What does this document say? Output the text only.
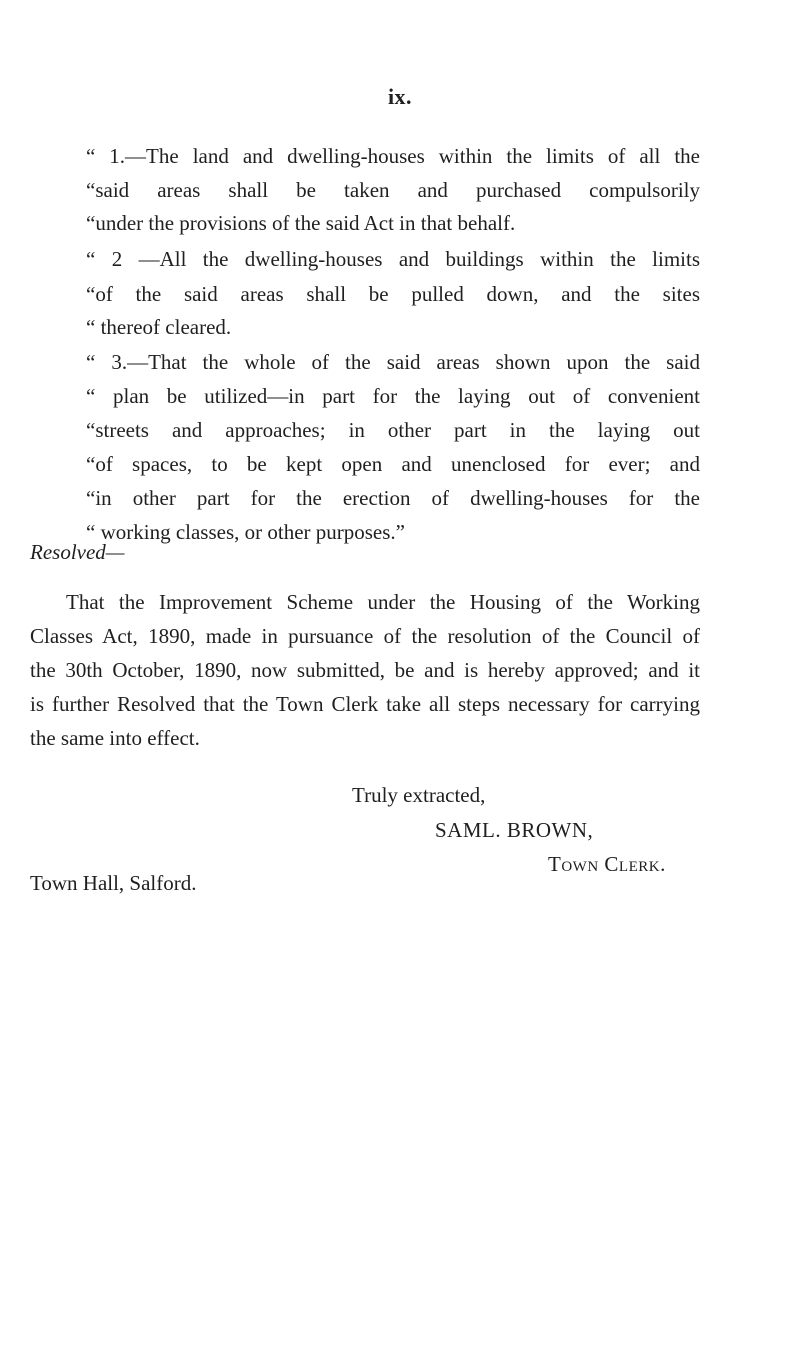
ix.

“ 1.—The land and dwelling-houses within the limits of all the

“said areas shall be taken and purchased compulsorily

“under the provisions of the said Act in that behalf.

“ 2 —All the dwelling-houses and buildings within the limits

“of the said areas shall be pulled down, and the sites

“ thereof cleared.

“ 3.—That the whole of the said areas shown upon the said

“ plan be utilized—in part for the laying out of convenient

“streets and approaches; in other part in the laying out

“of spaces, to be kept open and unenclosed for ever; and

“in other part for the erection of dwelling-houses for the

“ working classes, or other purposes.”

Resolved—

That the Improvement Scheme under the Housing of the Working

Classes Act, 1890, made in pursuance of the resolution of the Council of

the 30th October, 1890, now submitted, be and is hereby approved; and it

is further Resolved that the Town Clerk take all steps necessary for carrying

the same into effect.

Truly extracted,

SAML. BROWN,

Town Clerk.

Town Hall, Salford.
